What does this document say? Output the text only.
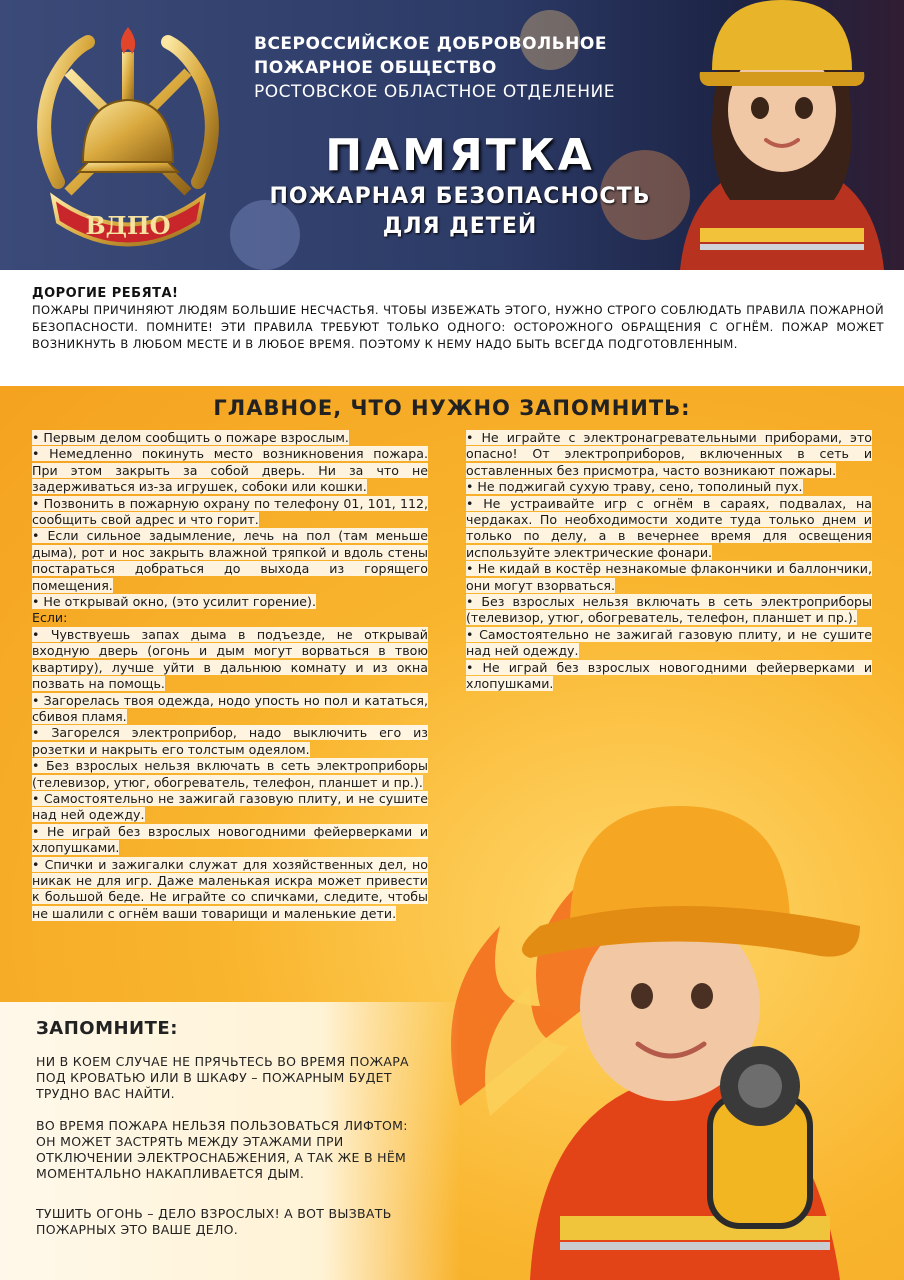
ВДПО
ВСЕРОССИЙСКОЕ ДОБРОВОЛЬНОЕ
ПОЖАРНОЕ ОБЩЕСТВО
РОСТОВСКОЕ ОБЛАСТНОЕ ОТДЕЛЕНИЕ
ПАМЯТКА
ПОЖАРНАЯ БЕЗОПАСНОСТЬ
ДЛЯ ДЕТЕЙ
ДОРОГИЕ РЕБЯТА!
ПОЖАРЫ ПРИЧИНЯЮТ ЛЮДЯМ БОЛЬШИЕ НЕСЧАСТЬЯ. ЧТОБЫ ИЗБЕЖАТЬ ЭТОГО, НУЖНО СТРОГО СОБЛЮДАТЬ ПРАВИЛА ПОЖАРНОЙ БЕЗОПАСНОСТИ. ПОМНИТЕ! ЭТИ ПРАВИЛА ТРЕБУЮТ ТОЛЬКО ОДНОГО: ОСТОРОЖНОГО ОБРАЩЕНИЯ С ОГНЁМ. ПОЖАР МОЖЕТ ВОЗНИКНУТЬ В ЛЮБОМ МЕСТЕ И В ЛЮБОЕ ВРЕМЯ. ПОЭТОМУ К НЕМУ НАДО БЫТЬ ВСЕГДА ПОДГОТОВЛЕННЫМ.
ГЛАВНОЕ, ЧТО НУЖНО ЗАПОМНИТЬ:

• Первым делом сообщить о пожаре взрослым.

• Немедленно покинуть место возникновения пожара. При этом закрыть за собой дверь. Ни за что не задерживаться из-за игрушек, собоки или кошки.

• Позвонить в пожарную охрану по телефону 01, 101, 112, сообщить свой адрес и что горит.

• Если сильное задымление, лечь на пол (там меньше дыма), рот и нос закрыть влажной тряпкой и вдоль стены постараться добраться до выхода из горящего помещения.

• Не открывай окно, (это усилит горение).

Если:

• Чувствуешь запах дыма в подъезде, не открывай входную дверь (огонь и дым могут ворваться в твою квартиру), лучше уйти в дальнюю комнату и из окна позвать на помощь.

• Загорелась твоя одежда, нодо упость но пол и кататься, сбивоя плaмя.

• Загорелся электроприбор, надо выключить его из розетки и накрыть его толстым одеялом.

• Без взрослых нельзя включать в сеть электроприборы (телевизор, утюг, обогреватель, телефон, планшет и пр.).

• Самостоятельно не зажигай газовую плиту, и не сушите над ней одежду.

• Не играй без взрослых новогодними фейерверками и хлопушками.

• Спички и зажигалки служат для хозяйственных дел, но никак не для игр. Даже маленькая искра может привести к большой беде. Не играйте со спичками, следите, чтобы не шалили с огнём ваши товарищи и маленькие дети.

• Не играйте с электронагревательными приборами, это опасно! От электроприборов, включенных в сеть и оставленных без присмотра, часто возникают пожары.

• Не поджигай сухую траву, сено, тополиный пух.

• Не устраивайте игр с огнём в сараях, подвалах, на чердаках. По необходимости ходите туда только днем и только по делу, а в вечернее время для освещения используйте электрические фонари.

• Не кидай в костёр незнакомые флакончики и баллончики, они могут взорваться.

• Без взрослых нельзя включать в сеть электроприборы (телевизор, утюг, обогреватель, телефон, планшет и пр.).

• Самостоятельно не зажигай газовую плиту, и не сушите над ней одежду.

• Не играй без взрослых новогодними фейерверками и хлопушками.

ЗАПОМНИТЕ:
НИ В КОЕМ СЛУЧАЕ НЕ ПРЯЧЬТЕСЬ ВО ВРЕМЯ ПОЖАРА ПОД КРОВАТЬЮ ИЛИ В ШКАФУ – ПОЖАРНЫМ БУДЕТ ТРУДНО ВАС НАЙТИ.
ВО ВРЕМЯ ПОЖАРА НЕЛЬЗЯ ПОЛЬЗОВАТЬСЯ ЛИФТОМ: ОН МОЖЕТ ЗАСТРЯТЬ МЕЖДУ ЭТАЖАМИ ПРИ ОТКЛЮЧЕНИИ ЭЛЕКТРОСНАБЖЕНИЯ, А ТАК ЖЕ В НЁМ МОМЕНТАЛЬНО НАКАПЛИВАЕТСЯ ДЫМ.
ТУШИТЬ ОГОНЬ – ДЕЛО ВЗРОСЛЫХ! А ВОТ ВЫЗВАТЬ ПОЖАРНЫХ ЭТО ВАШЕ ДЕЛО.
